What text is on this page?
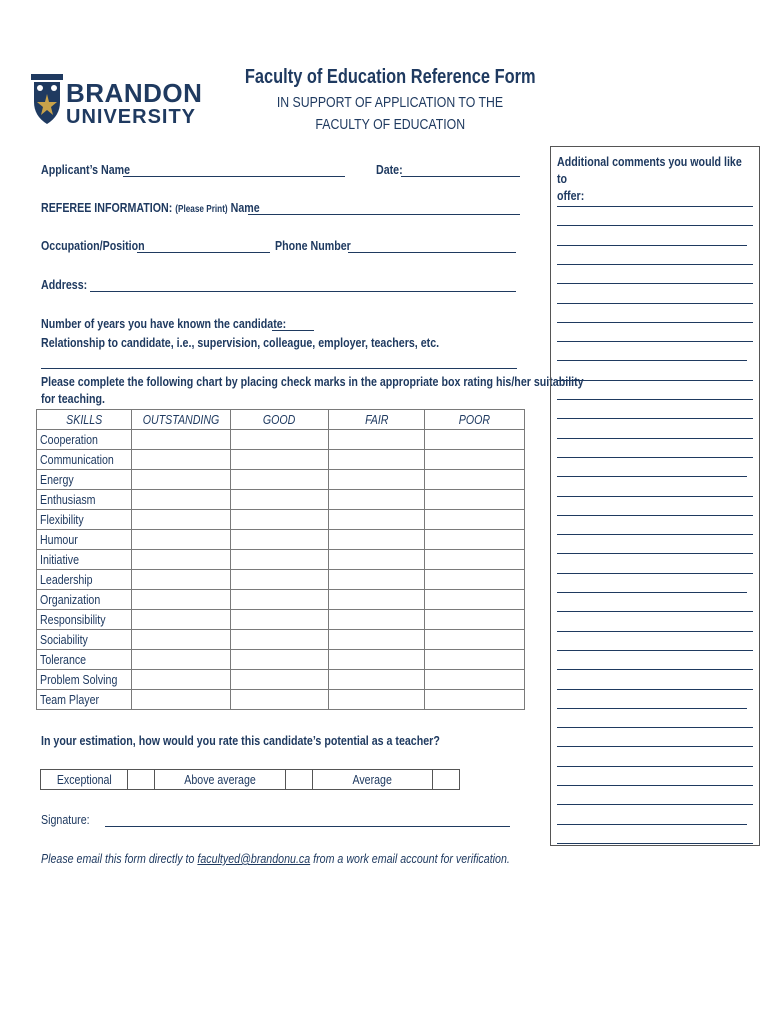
BRANDON
UNIVERSITY
Faculty of Education Reference Form
IN SUPPORT OF APPLICATION TO THE
FACULTY OF EDUCATION
Applicant’s Name	Date:
REFEREE INFORMATION: (Please Print) Name
Occupation/Position	Phone Number
Address:
Number of years you have known the candidate:
Relationship to candidate, i.e., supervision, colleague, employer, teachers, etc.
Please complete the following chart by placing check marks in the appropriate box rating his/her suitability
for teaching.
SKILLS	OUTSTANDING	GOOD	FAIR	POOR
Cooperation				
Communication				
Energy				
Enthusiasm				
Flexibility				
Humour				
Initiative				
Leadership				
Organization				
Responsibility				
Sociability				
Tolerance				
Problem Solving				
Team Player				
In your estimation, how would you rate this candidate’s potential as a teacher?
Exceptional		Above average		Average	
Signature:
Please email this form directly to facultyed@brandonu.ca from a work email account for verification.
Additional comments you would like to
offer:
